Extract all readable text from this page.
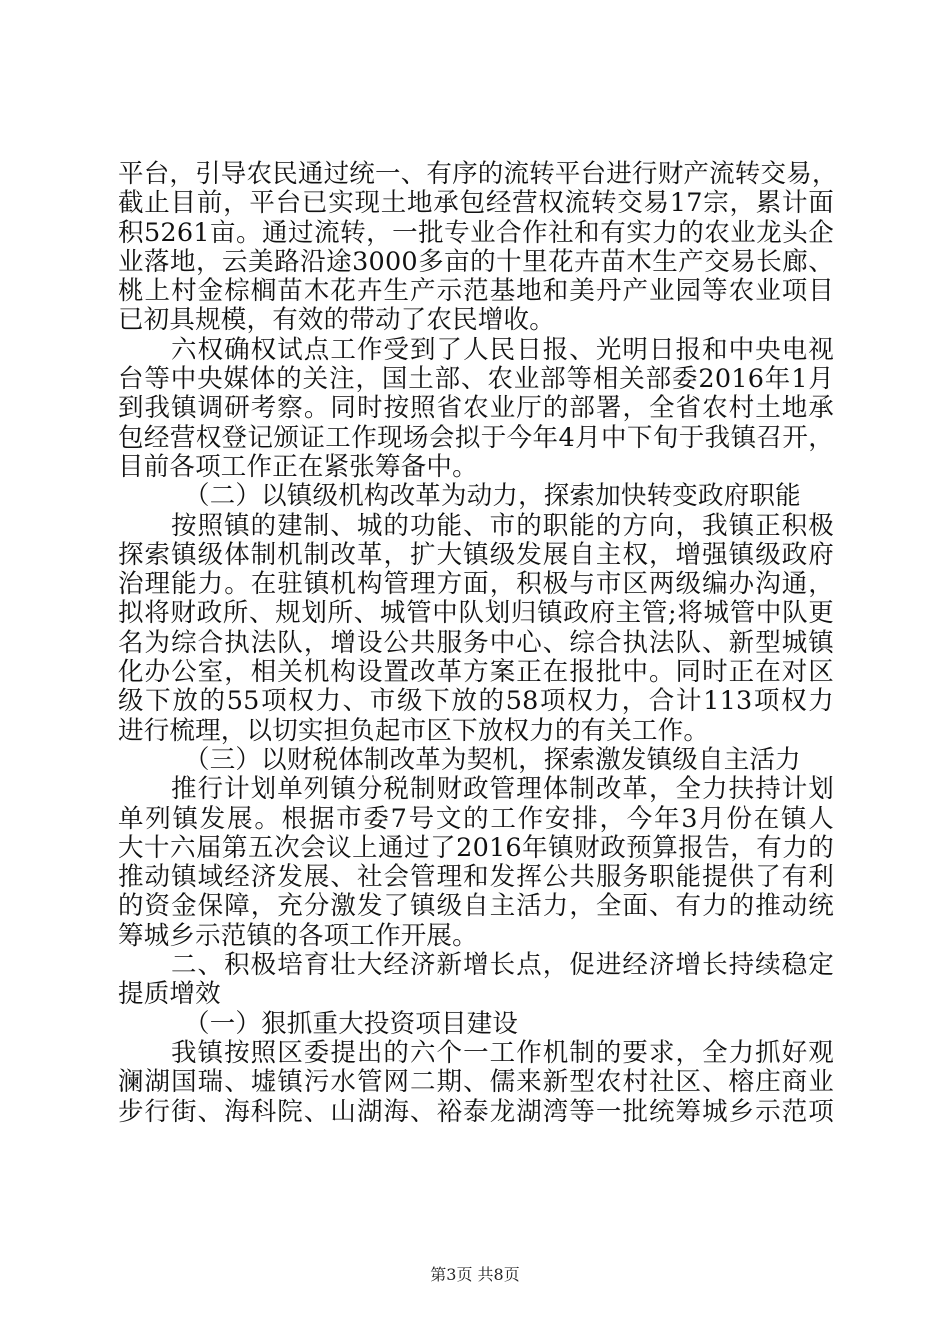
平台，引导农民通过统一、有序的流转平台进行财产流转交易，
截止目前，平台已实现土地承包经营权流转交易17宗，累计面
积5261亩。通过流转，一批专业合作社和有实力的农业龙头企
业落地，云美路沿途3000多亩的十里花卉苗木生产交易长廊、
桃上村金棕榈苗木花卉生产示范基地和美丹产业园等农业项目
已初具规模，有效的带动了农民增收。
六权确权试点工作受到了人民日报、光明日报和中央电视
台等中央媒体的关注，国土部、农业部等相关部委2016年1月
到我镇调研考察。同时按照省农业厅的部署，全省农村土地承
包经营权登记颁证工作现场会拟于今年4月中下旬于我镇召开，
目前各项工作正在紧张筹备中。
（二）以镇级机构改革为动力，探索加快转变政府职能
按照镇的建制、城的功能、市的职能的方向，我镇正积极
探索镇级体制机制改革，扩大镇级发展自主权，增强镇级政府
治理能力。在驻镇机构管理方面，积极与市区两级编办沟通，
拟将财政所、规划所、城管中队划归镇政府主管;将城管中队更
名为综合执法队，增设公共服务中心、综合执法队、新型城镇
化办公室，相关机构设置改革方案正在报批中。同时正在对区
级下放的55项权力、市级下放的58项权力，合计113项权力
进行梳理，以切实担负起市区下放权力的有关工作。
（三）以财税体制改革为契机，探索激发镇级自主活力
推行计划单列镇分税制财政管理体制改革，全力扶持计划
单列镇发展。根据市委7号文的工作安排，今年3月份在镇人
大十六届第五次会议上通过了2016年镇财政预算报告，有力的
推动镇域经济发展、社会管理和发挥公共服务职能提供了有利
的资金保障，充分激发了镇级自主活力，全面、有力的推动统
筹城乡示范镇的各项工作开展。
二、积极培育壮大经济新增长点，促进经济增长持续稳定
提质增效
（一）狠抓重大投资项目建设
我镇按照区委提出的六个一工作机制的要求，全力抓好观
澜湖国瑞、墟镇污水管网二期、儒来新型农村社区、榕庄商业
步行街、海科院、山湖海、裕泰龙湖湾等一批统筹城乡示范项
第3页 共8页
